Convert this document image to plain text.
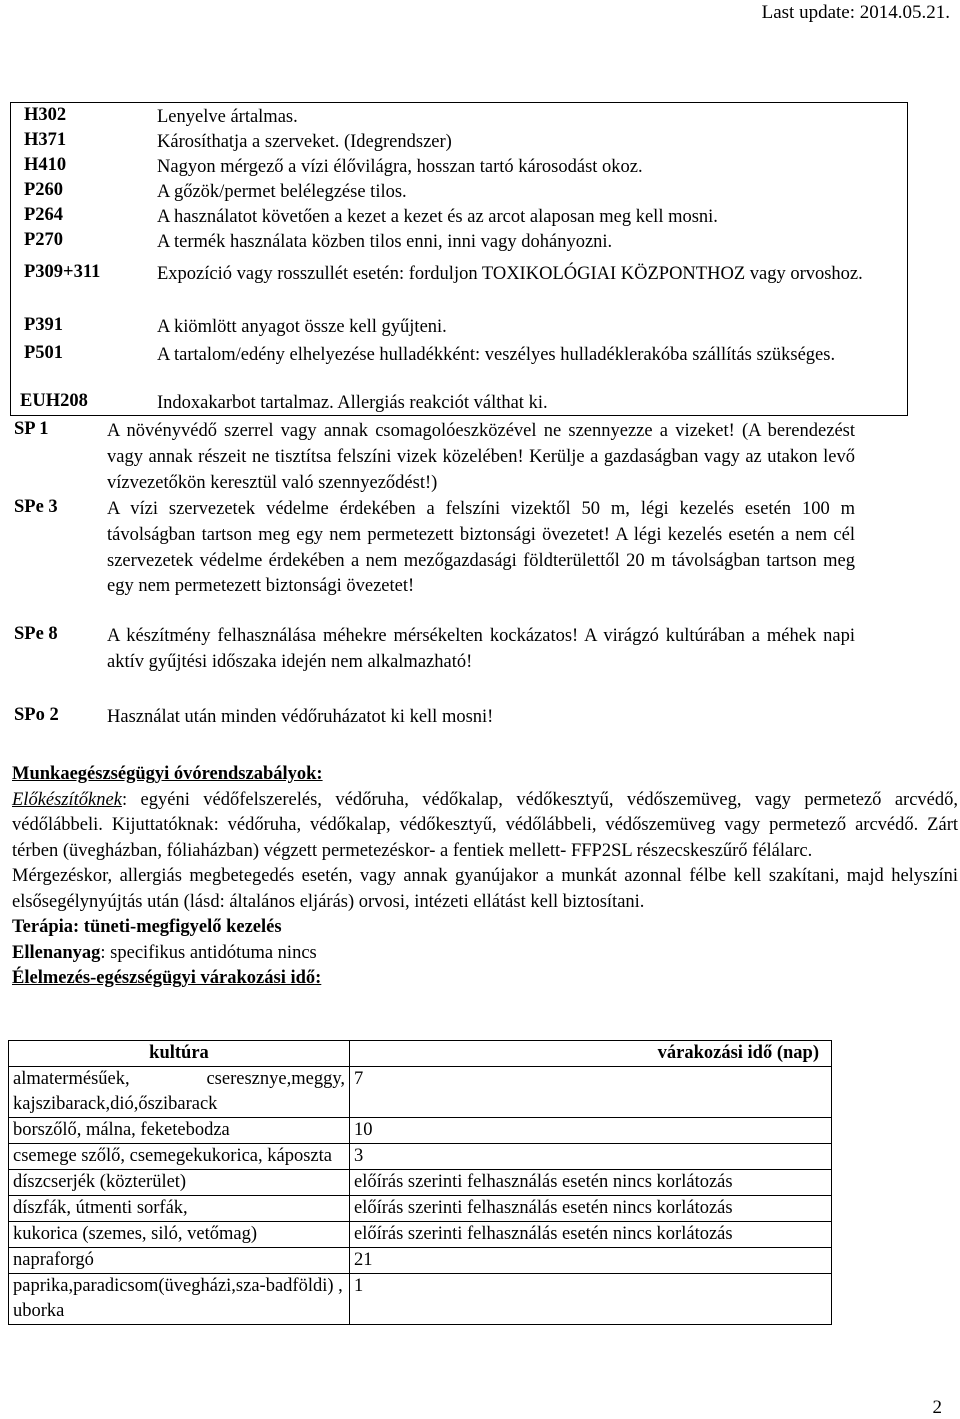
Last update: 2014.05.21.
H302	Lenyelve ártalmas.
H371	Károsíthatja a szerveket. (Idegrendszer)
H410	Nagyon mérgező a vízi élővilágra, hosszan tartó károsodást okoz.
P260	A gőzök/permet belélegzése tilos.
P264	A használatot követően a kezet a kezet és az arcot alaposan meg kell mosni.
P270	A termék használata közben tilos enni, inni vagy dohányozni.
P309+311	Expozíció vagy rosszullét esetén: forduljon TOXIKOLÓGIAI KÖZPONTHOZ vagy orvoshoz.
P391	A kiömlött anyagot össze kell gyűjteni.
P501	A tartalom/edény elhelyezése hulladékként: veszélyes hulladéklerakóba szállítás szükséges.
EUH208	Indoxakarbot tartalmaz. Allergiás reakciót válthat ki.
SP 1	A növényvédő szerrel vagy annak csomagolóeszközével ne szennyezze a vizeket! (A berendezést vagy annak részeit ne tisztítsa felszíni vizek közelében! Kerülje a gazdaságban vagy az utakon levő vízvezetőkön keresztül való szennyeződést!)
SPe 3	A vízi szervezetek védelme érdekében a felszíni vizektől 50 m, légi kezelés esetén 100 m távolságban tartson meg egy nem permetezett biztonsági övezetet! A légi kezelés esetén a nem cél szervezetek védelme érdekében a nem mezőgazdasági földterülettől 20 m távolságban tartson meg egy nem permetezett biztonsági övezetet!
SPe 8	A készítmény felhasználása méhekre mérsékelten kockázatos! A virágzó kultúrában a méhek napi aktív gyűjtési időszaka idején nem alkalmazható!
SPo 2	Használat után minden védőruházatot ki kell mosni!

Munkaegészségügyi óvórendszabályok:

Előkészítőknek: egyéni védőfelszerelés, védőruha, védőkalap, védőkesztyű, védőszemüveg, vagy permetező arcvédő, védőlábbeli. Kijuttatóknak: védőruha, védőkalap, védőkesztyű, védőlábbeli, védőszemüveg vagy permetező arcvédő. Zárt térben (üvegházban, fóliaházban) végzett permetezéskor- a fentiek mellett- FFP2SL részecskeszűrő félálarc.

Mérgezéskor, allergiás megbetegedés esetén, vagy annak gyanújakor a munkát azonnal félbe kell szakítani, majd helyszíni elsősegélynyújtás után (lásd: általános eljárás) orvosi, intézeti ellátást kell biztosítani.

Terápia: tüneti-megfigyelő kezelés

Ellenanyag: specifikus antidótuma nincs

Élelmezés-egészségügyi várakozási idő:

kultúra	várakozási idő (nap)
almatermésűek, cseresznye,meggy, kajszibarack,dió,őszibarack	7
borszőlő, málna, feketebodza	10
csemege szőlő, csemegekukorica, káposzta	3
díszcserjék (közterület)	előírás szerinti felhasználás esetén nincs korlátozás
díszfák, útmenti sorfák,	előírás szerinti felhasználás esetén nincs korlátozás
kukorica (szemes, siló, vetőmag)	előírás szerinti felhasználás esetén nincs korlátozás
napraforgó	21
paprika,paradicsom(üvegházi,sza-badföldi) , uborka	1
2
